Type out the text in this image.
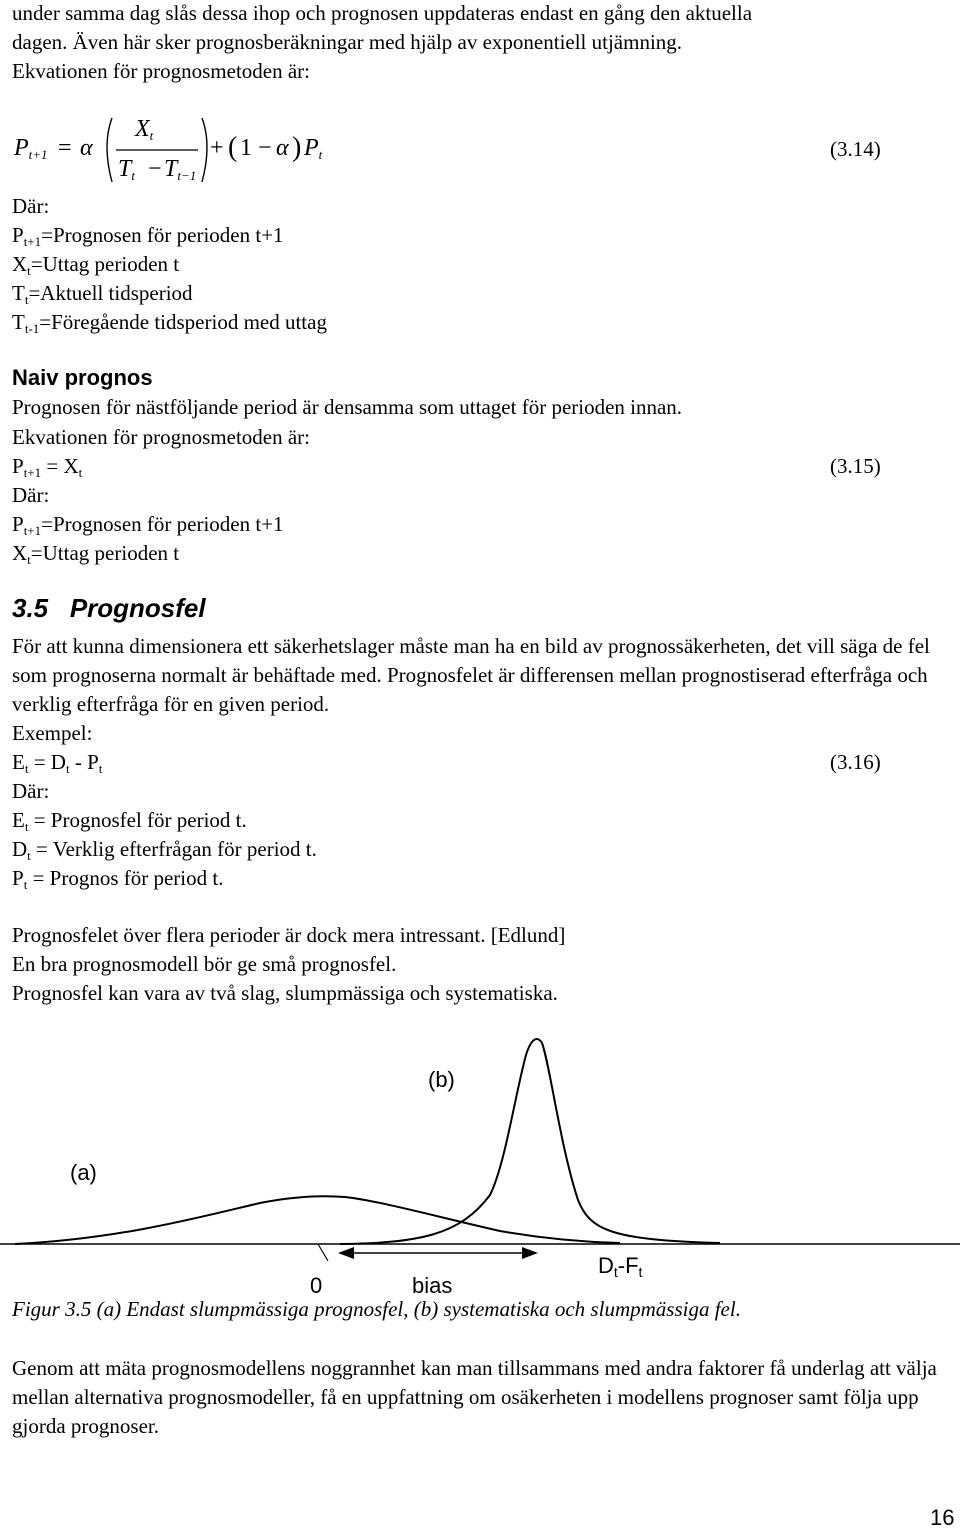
under samma dag slås dessa ihop och prognosen uppdateras endast en gång den aktuella
dagen. Även här sker prognosberäkningar med hjälp av exponentiell utjämning.
Ekvationen för prognosmetoden är:
$P_{t+1} = \alpha$
$X_t$
$T_t - T_{t-1}$
+ ( 1 − α ) $P_t$	(3.14)
Där:
$P_{t+1}=Prognosen$ för perioden t+1
$X_t=Uttag$ perioden t
$T_t=Aktuell$ tidsperiod
$T_{t-1}=Föregående$ tidsperiod med uttag
Naiv prognos
Prognosen för nästföljande period är densamma som uttaget för perioden innan.
Ekvationen för prognosmetoden är:
$P_{t+1} = X_t$	(3.15)
Där:
$P_{t+1}=Prognosen$ för perioden t+1
$X_t=Uttag$ perioden t
3.5   Prognosfel

För att kunna dimensionera ett säkerhetslager måste man ha en bild av prognossäkerheten, det vill säga de fel som prognoserna normalt är behäftade med. Prognosfelet är differensen mellan prognostiserad efterfråga och verklig efterfråga för en given period.

Exempel:
$E_t = D_t - P_t$	(3.16)
Där:
$E_t$ = Prognosfel för period t.
$D_t$ = Verklig efterfrågan för period t.
$P_t$ = Prognos för period t.
Prognosfelet över flera perioder är dock mera intressant. [Edlund]
En bra prognosmodell bör ge små prognosfel.
Prognosfel kan vara av två slag, slumpmässiga och systematiska.
(b)
(a)
0	bias
Dt-Ft
Figur 3.5 (a) Endast slumpmässiga prognosfel, (b) systematiska och slumpmässiga fel.

Genom att mäta prognosmodellens noggrannhet kan man tillsammans med andra faktorer få underlag att välja mellan alternativa prognosmodeller, få en uppfattning om osäkerheten i modellens prognoser samt följa upp gjorda prognoser.

16
